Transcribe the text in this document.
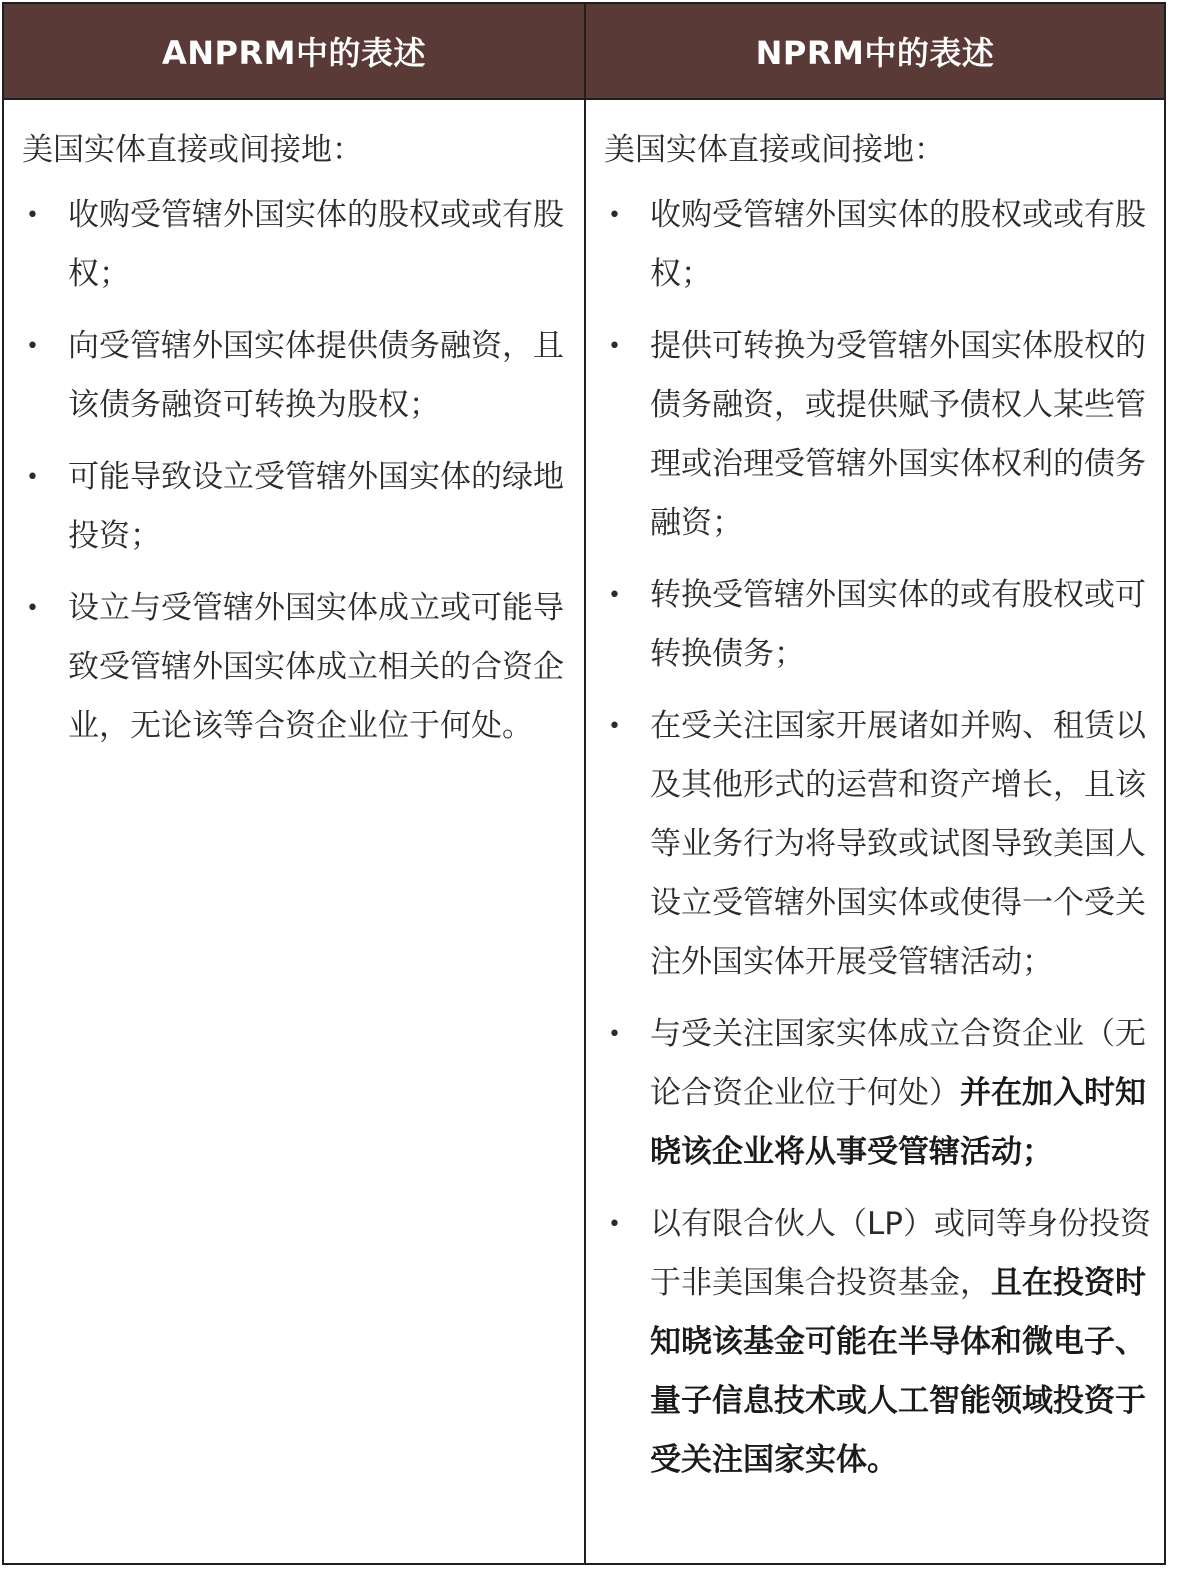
ANPRM中的表述	NPRM中的表述
美国实体直接或间接地：
• 收购受管辖外国实体的股权或或有股权；
• 向受管辖外国实体提供债务融资，且该债务融资可转换为股权；
• 可能导致设立受管辖外国实体的绿地投资；
• 设立与受管辖外国实体成立或可能导致受管辖外国实体成立相关的合资企业，无论该等合资企业位于何处。
美国实体直接或间接地：
• 收购受管辖外国实体的股权或或有股权；
• 提供可转换为受管辖外国实体股权的债务融资，或提供赋予债权人某些管理或治理受管辖外国实体权利的债务融资；
• 转换受管辖外国实体的或有股权或可转换债务；
• 在受关注国家开展诸如并购、租赁以及其他形式的运营和资产增长，且该等业务行为将导致或试图导致美国人设立受管辖外国实体或使得一个受关注外国实体开展受管辖活动；
• 与受关注国家实体成立合资企业（无论合资企业位于何处）并在加入时知晓该企业将从事受管辖活动；
• 以有限合伙人（LP）或同等身份投资于非美国集合投资基金，且在投资时知晓该基金可能在半导体和微电子、量子信息技术或人工智能领域投资于受关注国家实体。
